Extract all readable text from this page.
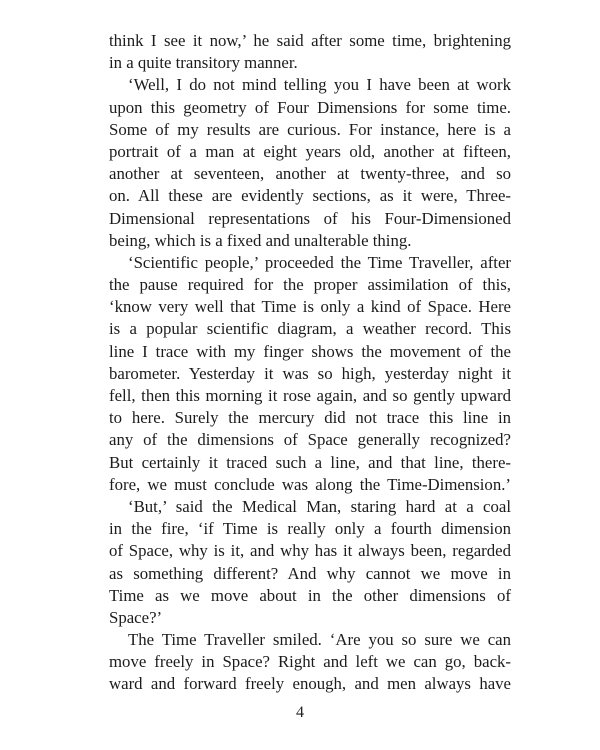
think I see it now,’ he said after some time, brightening
in a quite transitory manner.
‘Well, I do not mind telling you I have been at work
upon this geometry of Four Dimensions for some time.
Some of my results are curious. For instance, here is a
portrait of a man at eight years old, another at fifteen,
another at seventeen, another at twenty-three, and so
on. All these are evidently sections, as it were, Three-
Dimensional representations of his Four-Dimensioned
being, which is a fixed and unalterable thing.
‘Scientific people,’ proceeded the Time Traveller, after
the pause required for the proper assimilation of this,
‘know very well that Time is only a kind of Space. Here
is a popular scientific diagram, a weather record. This
line I trace with my finger shows the movement of the
barometer. Yesterday it was so high, yesterday night it
fell, then this morning it rose again, and so gently upward
to here. Surely the mercury did not trace this line in
any of the dimensions of Space generally recognized?
But certainly it traced such a line, and that line, there-
fore, we must conclude was along the Time-Dimension.’
‘But,’ said the Medical Man, staring hard at a coal
in the fire, ‘if Time is really only a fourth dimension
of Space, why is it, and why has it always been, regarded
as something different? And why cannot we move in
Time as we move about in the other dimensions of
Space?’
The Time Traveller smiled. ‘Are you so sure we can
move freely in Space? Right and left we can go, back-
ward and forward freely enough, and men always have
4
